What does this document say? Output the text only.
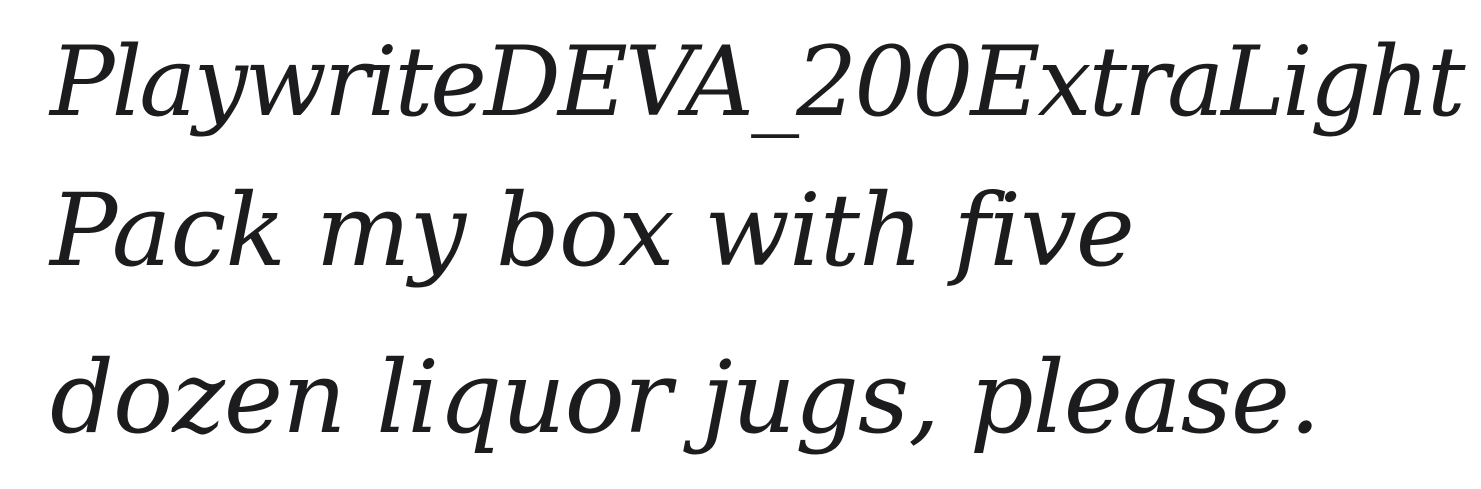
PlaywriteDEVA_200ExtraLight
Pack my box with five
dozen liquor jugs, please.
